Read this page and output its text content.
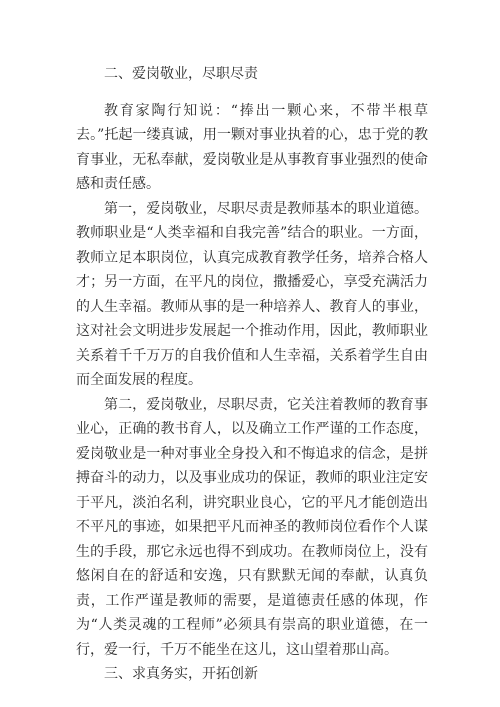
二、爱岗敬业，尽职尽责

教育家陶行知说：“捧出一颗心来，不带半根草去。”托起一缕真诚，用一颗对事业执着的心，忠于党的教育事业，无私奉献，爱岗敬业是从事教育事业强烈的使命感和责任感。

第一，爱岗敬业，尽职尽责是教师基本的职业道德。教师职业是“人类幸福和自我完善”结合的职业。一方面，教师立足本职岗位，认真完成教育教学任务，培养合格人才；另一方面，在平凡的岗位，撒播爱心，享受充满活力的人生幸福。教师从事的是一种培养人、教育人的事业，这对社会文明进步发展起一个推动作用，因此，教师职业关系着千千万万的自我价值和人生幸福，关系着学生自由而全面发展的程度。

第二，爱岗敬业，尽职尽责，它关注着教师的教育事业心，正确的教书育人，以及确立工作严谨的工作态度，爱岗敬业是一种对事业全身投入和不悔追求的信念，是拼搏奋斗的动力，以及事业成功的保证，教师的职业注定安于平凡，淡泊名利，讲究职业良心，它的平凡才能创造出不平凡的事迹，如果把平凡而神圣的教师岗位看作个人谋生的手段，那它永远也得不到成功。在教师岗位上，没有悠闲自在的舒适和安逸，只有默默无闻的奉献，认真负责，工作严谨是教师的需要，是道德责任感的体现，作为“人类灵魂的工程师”必须具有崇高的职业道德，在一行，爱一行，千万不能坐在这儿，这山望着那山高。

三、求真务实，开拓创新
